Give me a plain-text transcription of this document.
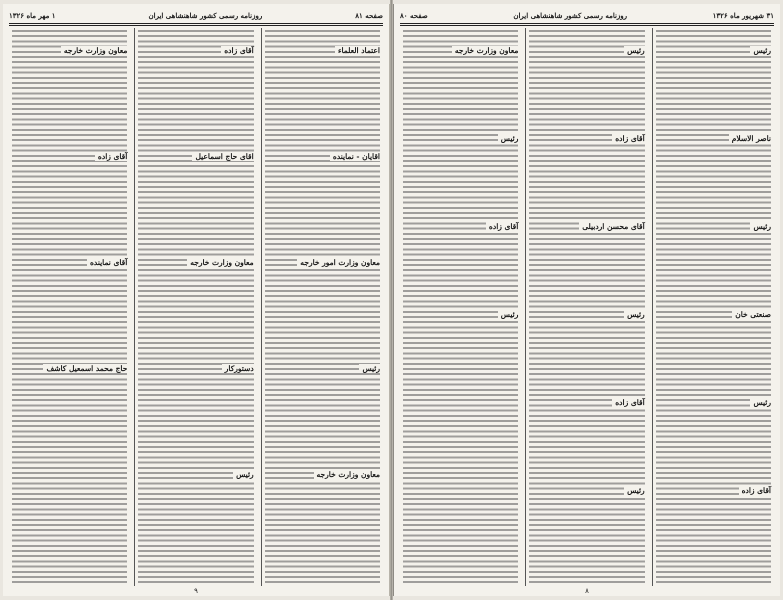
صفحه ۸۱
روزنامه رسمی کشور شاهنشاهی ایران
۱ مهر ماه ۱۳۲۶
اعتماد العلماء
اقایان - نماینده
معاون وزارت امور خارجه
رئیس
معاون وزارت خارجه
آقای زاده
اقای حاج اسماعیل
معاون وزارت خارجه
دستورکار
رئیس
معاون وزارت خارجه
آقای زاده
آقای نماینده
حاج محمد اسمعیل کاشف
۹
۳۱ شهریور ماه ۱۳۲۶
روزنامه رسمی کشور شاهنشاهی ایران
صفحه ۸۰
رئیس
ناصر الاسلام
رئیس
صنعتی خان
رئیس
آقای زاده
رئیس
آقای زاده
آقای محسن اردبیلی
رئیس
آقای زاده
رئیس
معاون وزارت خارجه
رئیس
آقای زاده
رئیس
۸
